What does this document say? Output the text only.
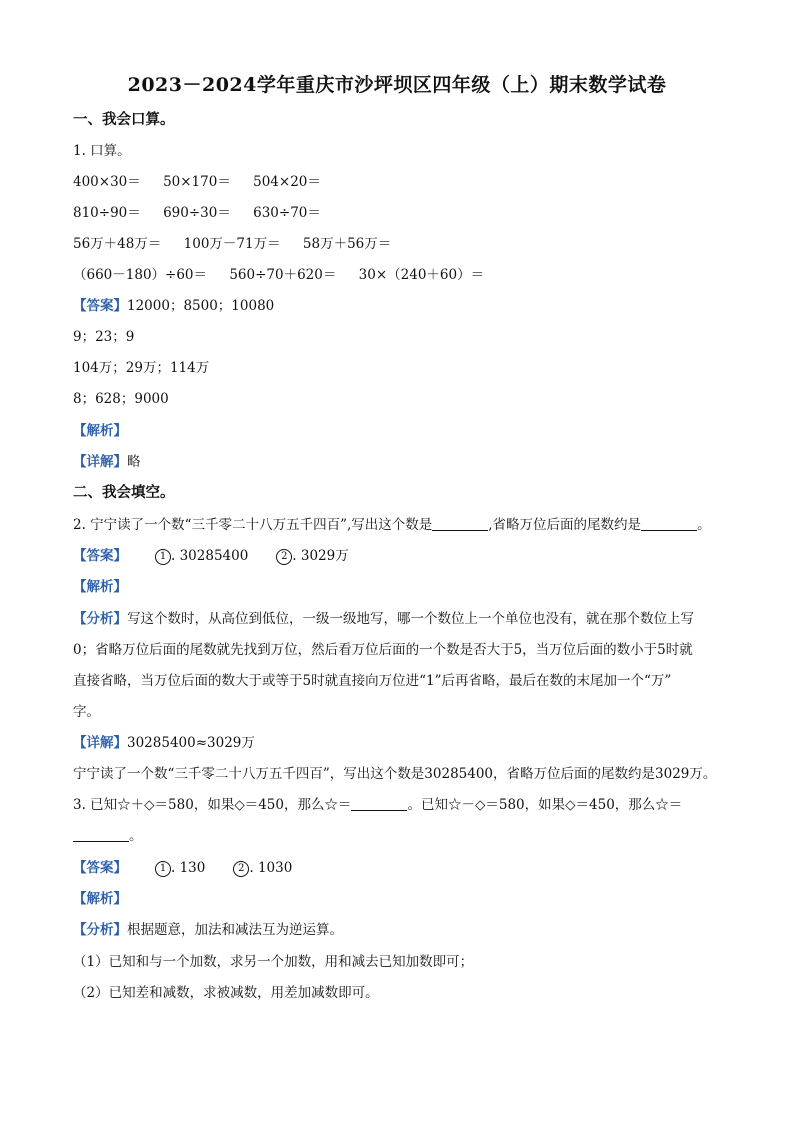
2023－2024学年重庆市沙坪坝区四年级（上）期末数学试卷
一、我会口算。
1. 口算。
400×30＝ 50×170＝ 504×20＝
810÷90＝ 690÷30＝ 630÷70＝
56万＋48万＝ 100万－71万＝ 58万＋56万＝
（660－180）÷60＝ 560÷70＋620＝ 30×（240＋60）＝
【答案】12000；8500；10080
9；23；9
104万；29万；114万
8；628；9000
【解析】
【详解】略
二、我会填空。
2. 宁宁读了一个数“三千零二十八万五千四百”,写出这个数是	,省略万位后面的尾数约是	。
【答案】	1 . 30285400	2 . 3029万
【解析】
【分析】写这个数时，从高位到低位，一级一级地写，哪一个数位上一个单位也没有，就在那个数位上写
0；省略万位后面的尾数就先找到万位，然后看万位后面的一个数是否大于5，当万位后面的数小于5时就
直接省略，当万位后面的数大于或等于5时就直接向万位进“1”后再省略，最后在数的末尾加一个“万”
字。
【详解】30285400≈3029万
宁宁读了一个数“三千零二十八万五千四百”，写出这个数是30285400，省略万位后面的尾数约是3029万。
3. 已知☆＋◇＝580，如果◇＝450，那么☆＝	。已知☆－◇＝580，如果◇＝450，那么☆＝
。
【答案】	1 . 130	2 . 1030
【解析】
【分析】根据题意，加法和减法互为逆运算。
（1）已知和与一个加数，求另一个加数，用和减去已知加数即可；
（2）已知差和减数，求被减数，用差加减数即可。
